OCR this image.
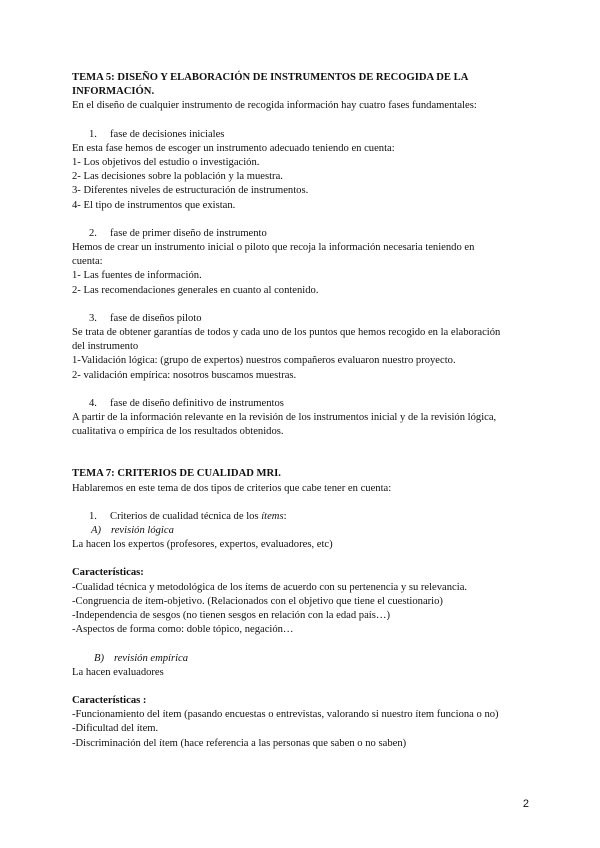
TEMA 5: DISEÑO Y ELABORACIÓN DE INSTRUMENTOS DE RECOGIDA DE LA

INFORMACIÓN.

En el diseño de cualquier instrumento de recogida información hay cuatro fases fundamentales:

1. fase de decisiones iniciales

En esta fase hemos de escoger un instrumento adecuado teniendo en cuenta:

1- Los objetivos del estudio o investigación.

2- Las decisiones sobre la población y la muestra.

3- Diferentes niveles de estructuración de instrumentos.

4- El tipo de instrumentos que existan.

2. fase de primer diseño de instrumento

Hemos de crear un instrumento inicial o piloto que recoja la información necesaria teniendo en

cuenta:

1- Las fuentes de información.

2- Las recomendaciones generales en cuanto al contenido.

3. fase de diseños piloto

Se trata de obtener garantías de todos y cada uno de los puntos que hemos recogido en la elaboración

del instrumento

1-Validación lógica: (grupo de expertos) nuestros compañeros evaluaron nuestro proyecto.

2- validación empírica: nosotros buscamos muestras.

4. fase de diseño definitivo de instrumentos

A partir de la información relevante en la revisión de los instrumentos inicial y de la revisión lógica,

cualitativa o empírica de los resultados obtenidos.

TEMA 7: CRITERIOS DE CUALIDAD MRI.

Hablaremos en este tema de dos tipos de criterios que cabe tener en cuenta:

1. Criterios de cualidad técnica de los ítems:

A) revisión lógica

La hacen los expertos (profesores, expertos, evaluadores, etc)

Características:

-Cualidad técnica y metodológica de los ítems de acuerdo con su pertenencia y su relevancia.

-Congruencia de ítem-objetivo. (Relacionados con el objetivo que tiene el cuestionario)

-Independencia de sesgos (no tienen sesgos en relación con la edad país…)

-Aspectos de forma como: doble tópico, negación…

B) revisión empírica

La hacen evaluadores

Características :

-Funcionamiento del ítem (pasando encuestas o entrevistas, valorando si nuestro ítem funciona o no)

-Dificultad del ítem.

-Discriminación del ítem (hace referencia a las personas que saben o no saben)

2
